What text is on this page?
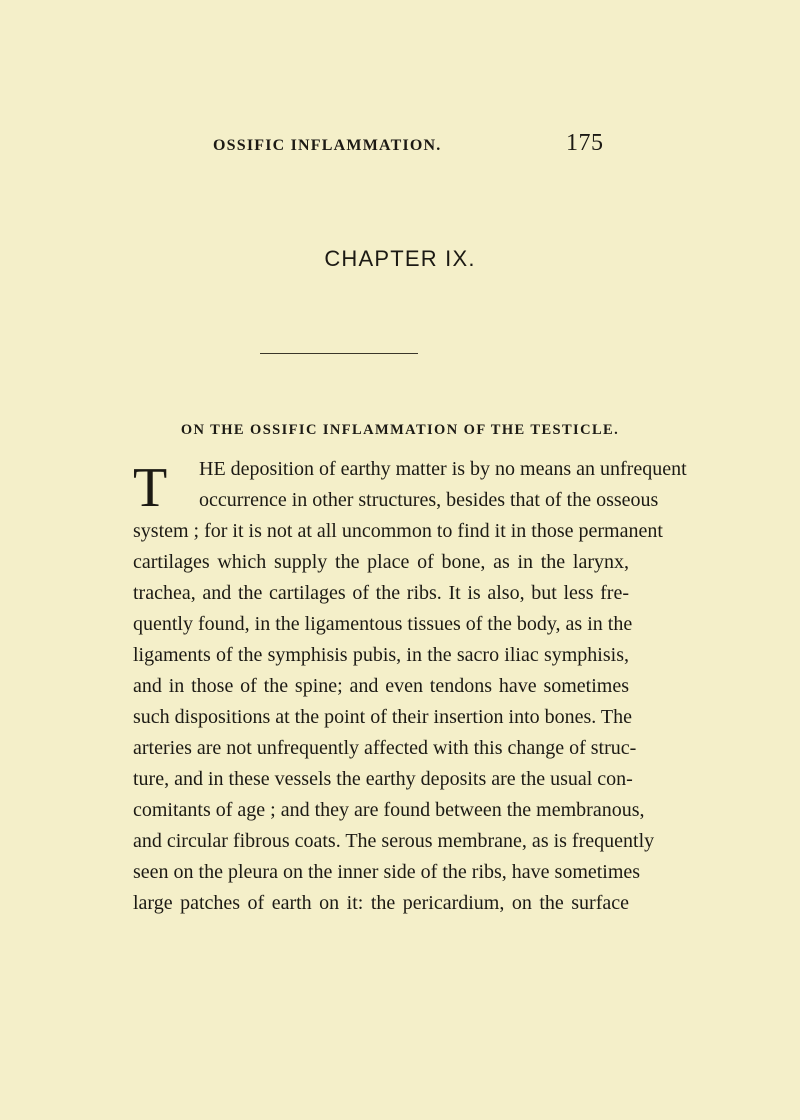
OSSIFIC INFLAMMATION.	175
CHAPTER IX.
ON THE OSSIFIC INFLAMMATION OF THE TESTICLE.
T	HE deposition of earthy matter is by no means an unfrequent
occurrence in other structures, besides that of the osseous
system ; for it is not at all uncommon to find it in those permanent
cartilages which supply the place of bone, as in the larynx,
trachea, and the cartilages of the ribs. It is also, but less fre-
quently found, in the ligamentous tissues of the body, as in the
ligaments of the symphisis pubis, in the sacro iliac symphisis,
and in those of the spine; and even tendons have sometimes
such dispositions at the point of their insertion into bones. The
arteries are not unfrequently affected with this change of struc-
ture, and in these vessels the earthy deposits are the usual con-
comitants of age ; and they are found between the membranous,
and circular fibrous coats. The serous membrane, as is frequently
seen on the pleura on the inner side of the ribs, have sometimes
large patches of earth on it: the pericardium, on the surface
